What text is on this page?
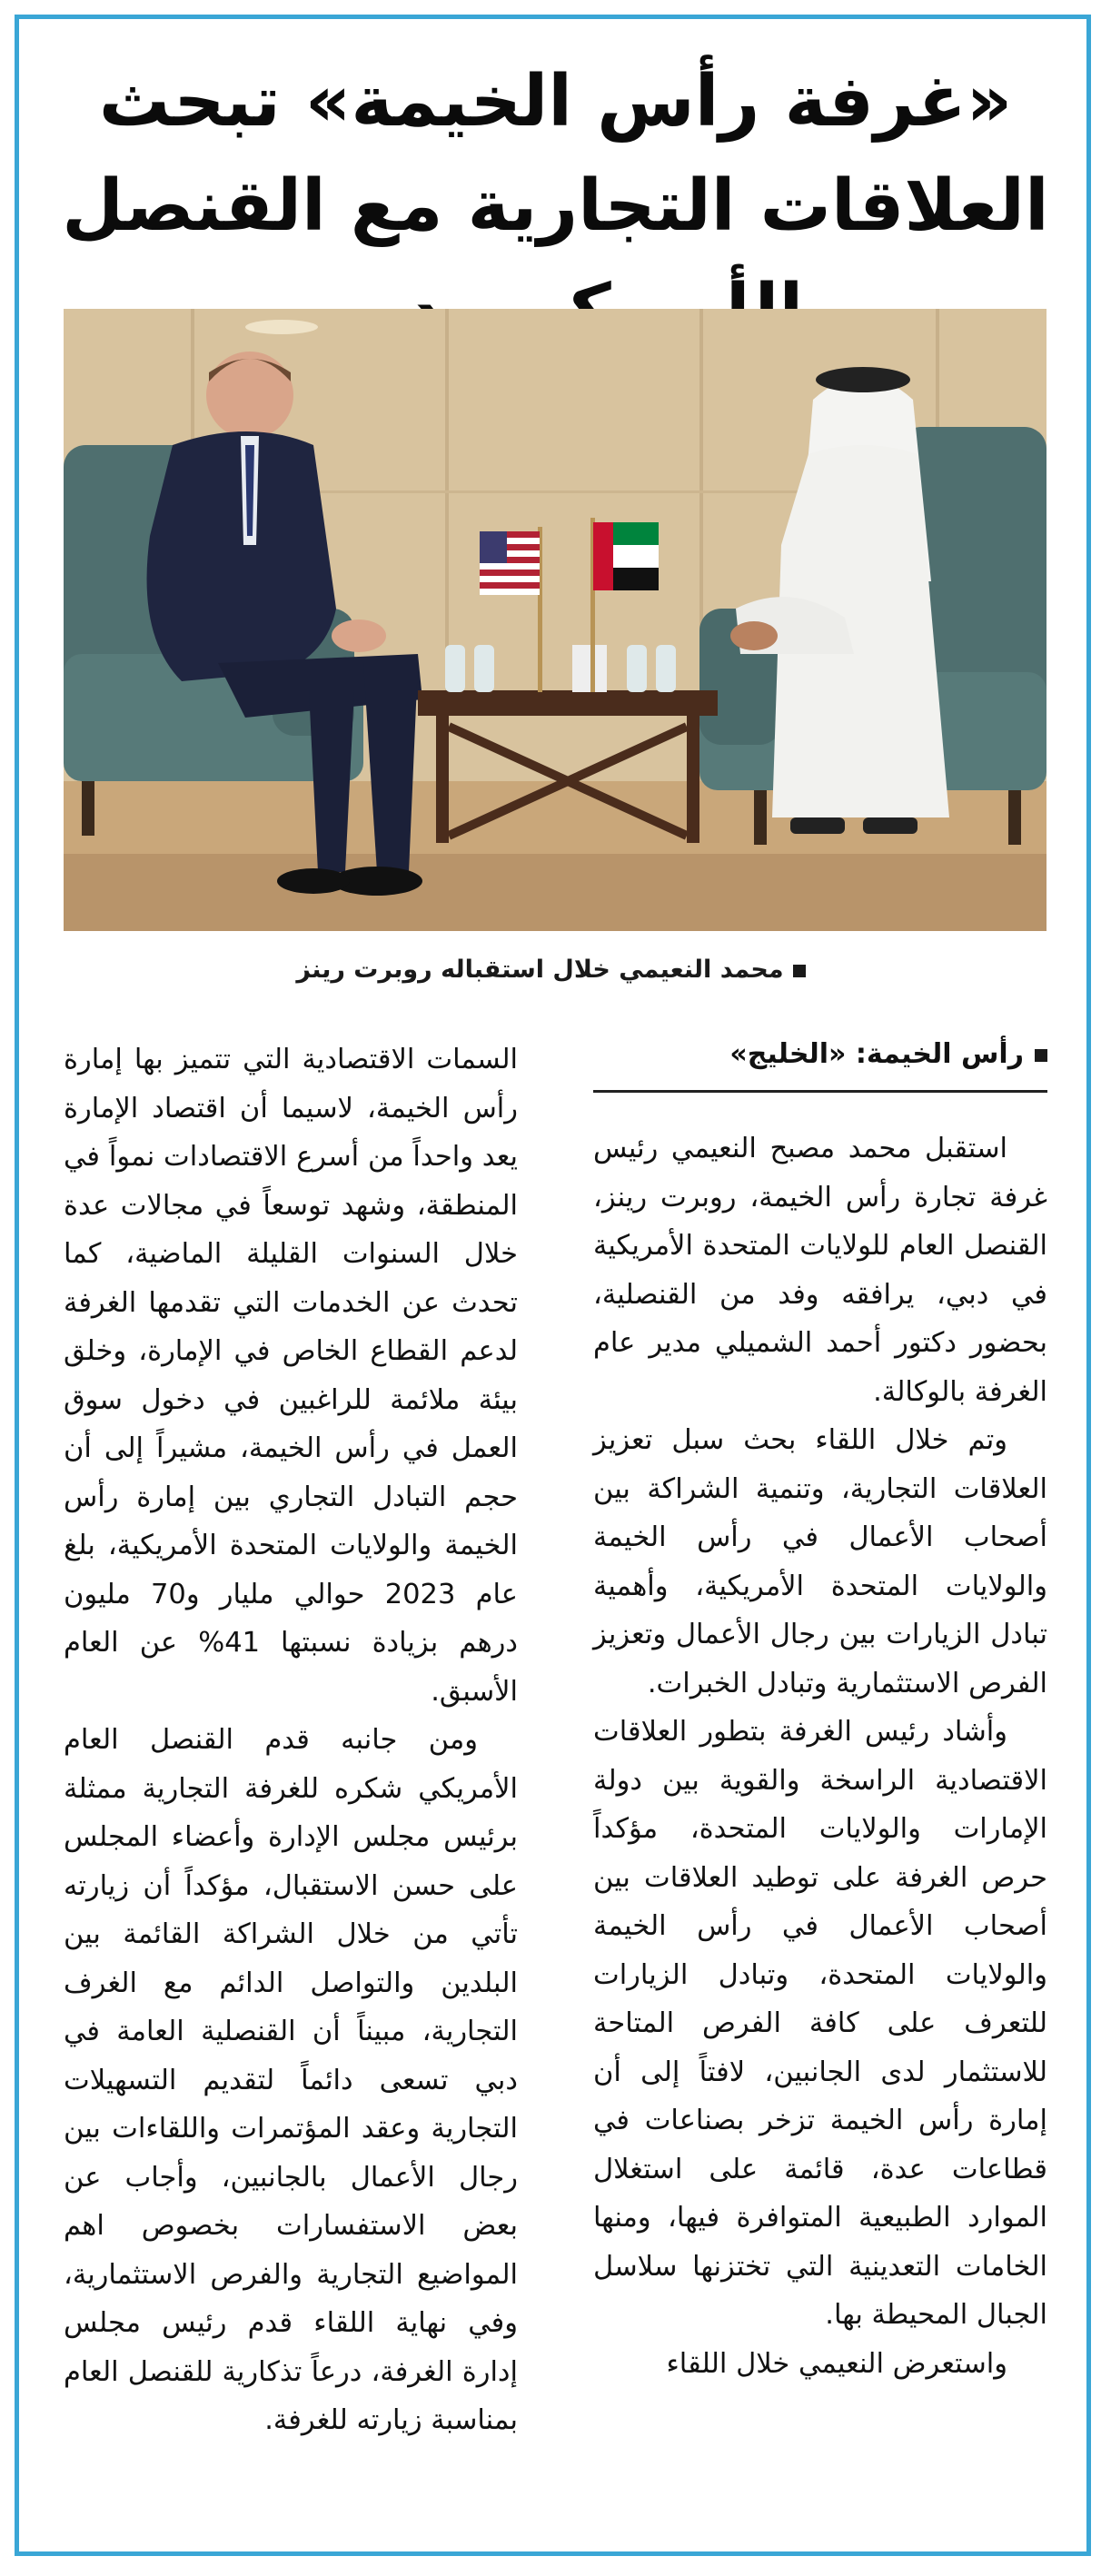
«غرفة رأس الخيمة» تبحث العلاقات التجارية مع القنصل

محمد النعيمي خلال استقباله روبرت رينز

رأس الخيمة: «الخليج»

استقبل محمد مصبح النعيمي رئيس غرفة تجارة رأس الخيمة، روبرت رينز، القنصل العام للولايات المتحدة الأمريكية في دبي، يرافقه وفد من القنصلية، بحضور دكتور أحمد الشميلي مدير عام الغرفة بالوكالة.

وتم خلال اللقاء بحث سبل تعزيز العلاقات التجارية، وتنمية الشراكة بين أصحاب الأعمال في رأس الخيمة والولايات المتحدة الأمريكية، وأهمية تبادل الزيارات بين رجال الأعمال وتعزيز الفرص الاستثمارية وتبادل الخبرات.

وأشاد رئيس الغرفة بتطور العلاقات الاقتصادية الراسخة والقوية بين دولة الإمارات والولايات المتحدة، مؤكداً حرص الغرفة على توطيد العلاقات بين أصحاب الأعمال في رأس الخيمة والولايات المتحدة، وتبادل الزيارات للتعرف على كافة الفرص المتاحة للاستثمار لدى الجانبين، لافتاً إلى أن إمارة رأس الخيمة تزخر بصناعات في قطاعات عدة، قائمة على استغلال الموارد الطبيعية المتوافرة فيها، ومنها الخامات التعدينية التي تختزنها سلاسل الجبال المحيطة بها.

واستعرض النعيمي خلال اللقاء

السمات الاقتصادية التي تتميز بها إمارة رأس الخيمة، لاسيما أن اقتصاد الإمارة يعد واحداً من أسرع الاقتصادات نمواً في المنطقة، وشهد توسعاً في مجالات عدة خلال السنوات القليلة الماضية، كما تحدث عن الخدمات التي تقدمها الغرفة لدعم القطاع الخاص في الإمارة، وخلق بيئة ملائمة للراغبين في دخول سوق العمل في رأس الخيمة، مشيراً إلى أن حجم التبادل التجاري بين إمارة رأس الخيمة والولايات المتحدة الأمريكية، بلغ عام 2023 حوالي مليار و70 مليون درهم بزيادة نسبتها 41% عن العام الأسبق.

ومن جانبه قدم القنصل العام الأمريكي شكره للغرفة التجارية ممثلة برئيس مجلس الإدارة وأعضاء المجلس على حسن الاستقبال، مؤكداً أن زيارته تأتي من خلال الشراكة القائمة بين البلدين والتواصل الدائم مع الغرف التجارية، مبيناً أن القنصلية العامة في دبي تسعى دائماً لتقديم التسهيلات التجارية وعقد المؤتمرات واللقاءات بين رجال الأعمال بالجانبين، وأجاب عن بعض الاستفسارات بخصوص اهم المواضيع التجارية والفرص الاستثمارية، وفي نهاية اللقاء قدم رئيس مجلس إدارة الغرفة، درعاً تذكارية للقنصل العام بمناسبة زيارته للغرفة.
